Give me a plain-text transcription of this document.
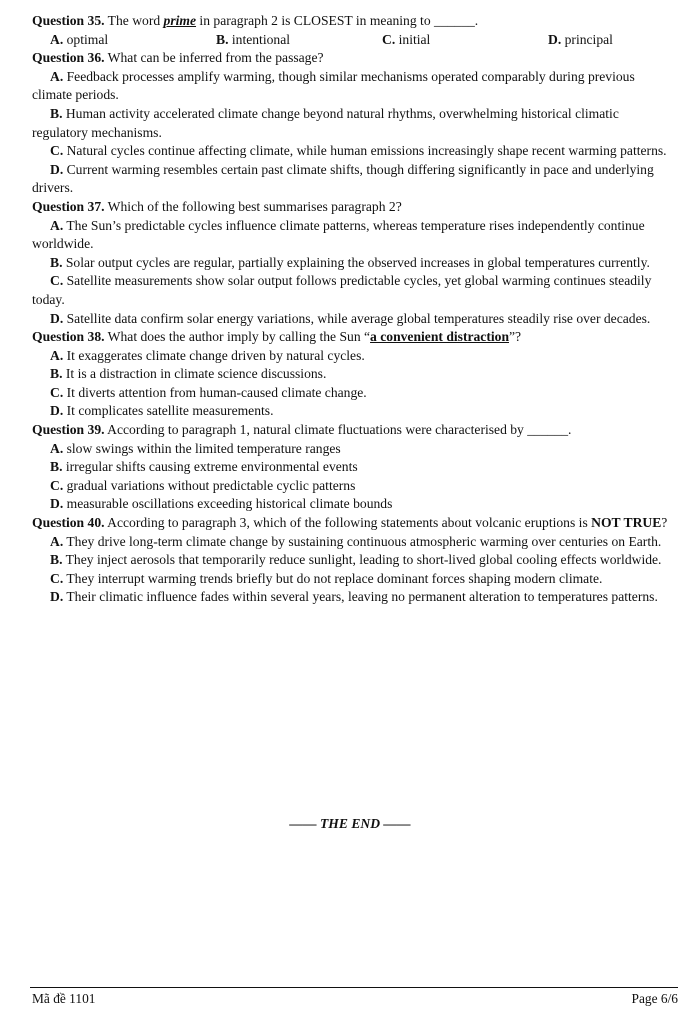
Question 35. The word prime in paragraph 2 is CLOSEST in meaning to ______.

A. optimal	B. intentional	C. initial	D. principal

Question 36. What can be inferred from the passage?

A. Feedback processes amplify warming, though similar mechanisms operated comparably during previous climate periods.

B. Human activity accelerated climate change beyond natural rhythms, overwhelming historical climatic regulatory mechanisms.

C. Natural cycles continue affecting climate, while human emissions increasingly shape recent warming patterns.

D. Current warming resembles certain past climate shifts, though differing significantly in pace and underlying drivers.

Question 37. Which of the following best summarises paragraph 2?

A. The Sun’s predictable cycles influence climate patterns, whereas temperature rises independently continue worldwide.

B. Solar output cycles are regular, partially explaining the observed increases in global temperatures currently.

C. Satellite measurements show solar output follows predictable cycles, yet global warming continues steadily today.

D. Satellite data confirm solar energy variations, while average global temperatures steadily rise over decades.

Question 38. What does the author imply by calling the Sun “a convenient distraction”?

A. It exaggerates climate change driven by natural cycles.

B. It is a distraction in climate science discussions.

C. It diverts attention from human-caused climate change.

D. It complicates satellite measurements.

Question 39. According to paragraph 1, natural climate fluctuations were characterised by ______.

A. slow swings within the limited temperature ranges

B. irregular shifts causing extreme environmental events

C. gradual variations without predictable cyclic patterns

D. measurable oscillations exceeding historical climate bounds

Question 40. According to paragraph 3, which of the following statements about volcanic eruptions is NOT TRUE?

A. They drive long-term climate change by sustaining continuous atmospheric warming over centuries on Earth.

B. They inject aerosols that temporarily reduce sunlight, leading to short-lived global cooling effects worldwide.

C. They interrupt warming trends briefly but do not replace dominant forces shaping modern climate.

D. Their climatic influence fades within several years, leaving no permanent alteration to temperatures patterns.

—— THE END ——
Mã đề 1101	Page 6/6
